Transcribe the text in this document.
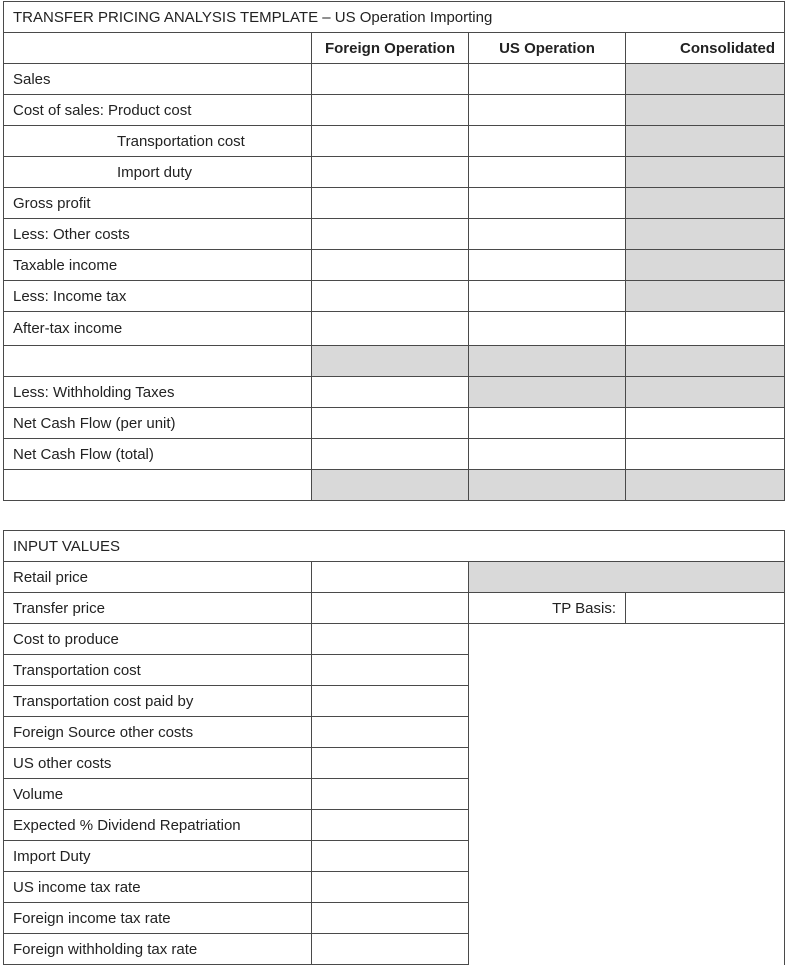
TRANSFER PRICING ANALYSIS TEMPLATE – US Operation Importing			
	Foreign Operation	US Operation	Consolidated
Sales			
Cost of sales: Product cost			
Transportation cost			
Import duty			
Gross profit			
Less: Other costs			
Taxable income			
Less: Income tax			
After-tax income			

Less: Withholding Taxes			
Net Cash Flow (per unit)			
Net Cash Flow (total)			

INPUT VALUES			
Retail price			
Transfer price		TP Basis:	
Cost to produce			
Transportation cost			
Transportation cost paid by			
Foreign Source other costs			
US other costs			
Volume			
Expected % Dividend Repatriation			
Import Duty			
US income tax rate			
Foreign income tax rate			
Foreign withholding tax rate			
